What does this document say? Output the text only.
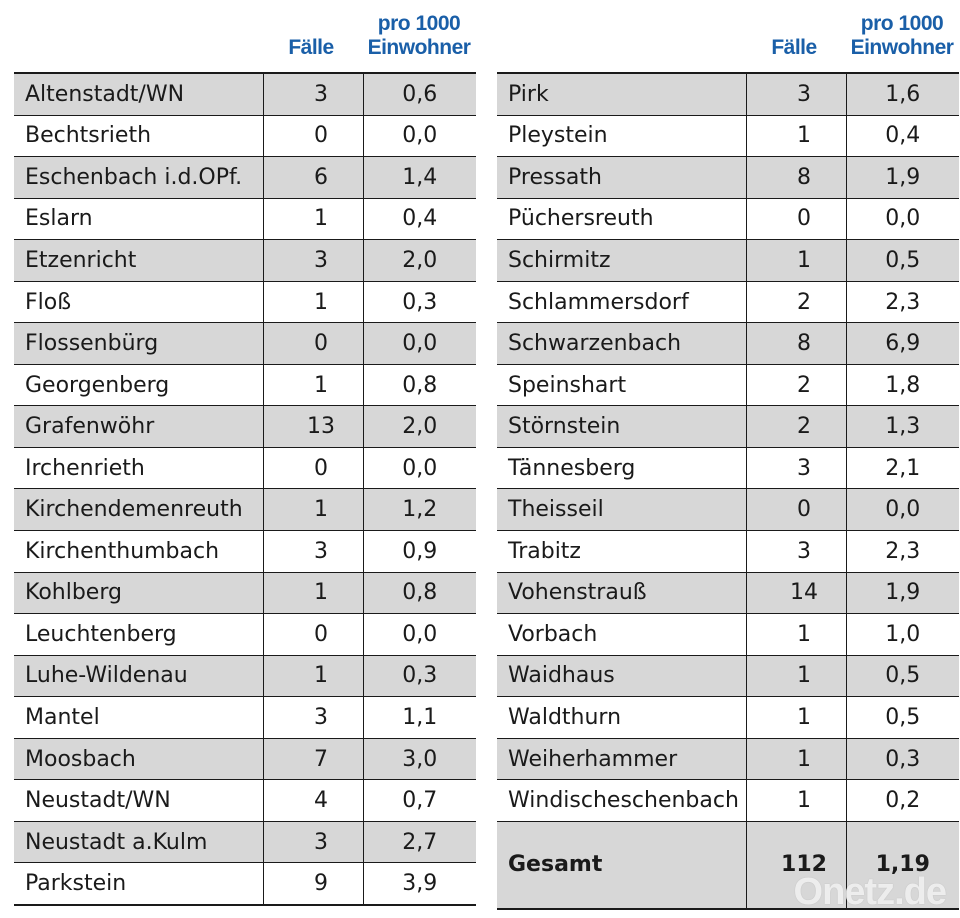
Fälle
pro 1000
Einwohner
Altenstadt/WN	3	0,6
Bechtsrieth	0	0,0
Eschenbach i.d.OPf.	6	1,4
Eslarn	1	0,4
Etzenricht	3	2,0
Floß	1	0,3
Flossenbürg	0	0,0
Georgenberg	1	0,8
Grafenwöhr	13	2,0
Irchenrieth	0	0,0
Kirchendemenreuth	1	1,2
Kirchenthumbach	3	0,9
Kohlberg	1	0,8
Leuchtenberg	0	0,0
Luhe-Wildenau	1	0,3
Mantel	3	1,1
Moosbach	7	3,0
Neustadt/WN	4	0,7
Neustadt a.Kulm	3	2,7
Parkstein	9	3,9
Fälle
pro 1000
Einwohner
Pirk	3	1,6
Pleystein	1	0,4
Pressath	8	1,9
Püchersreuth	0	0,0
Schirmitz	1	0,5
Schlammersdorf	2	2,3
Schwarzenbach	8	6,9
Speinshart	2	1,8
Störnstein	2	1,3
Tännesberg	3	2,1
Theisseil	0	0,0
Trabitz	3	2,3
Vohenstrauß	14	1,9
Vorbach	1	1,0
Waidhaus	1	0,5
Waldthurn	1	0,5
Weiherhammer	1	0,3
Windischeschenbach	1	0,2
Gesamt	112	1,19
Onetz.de
